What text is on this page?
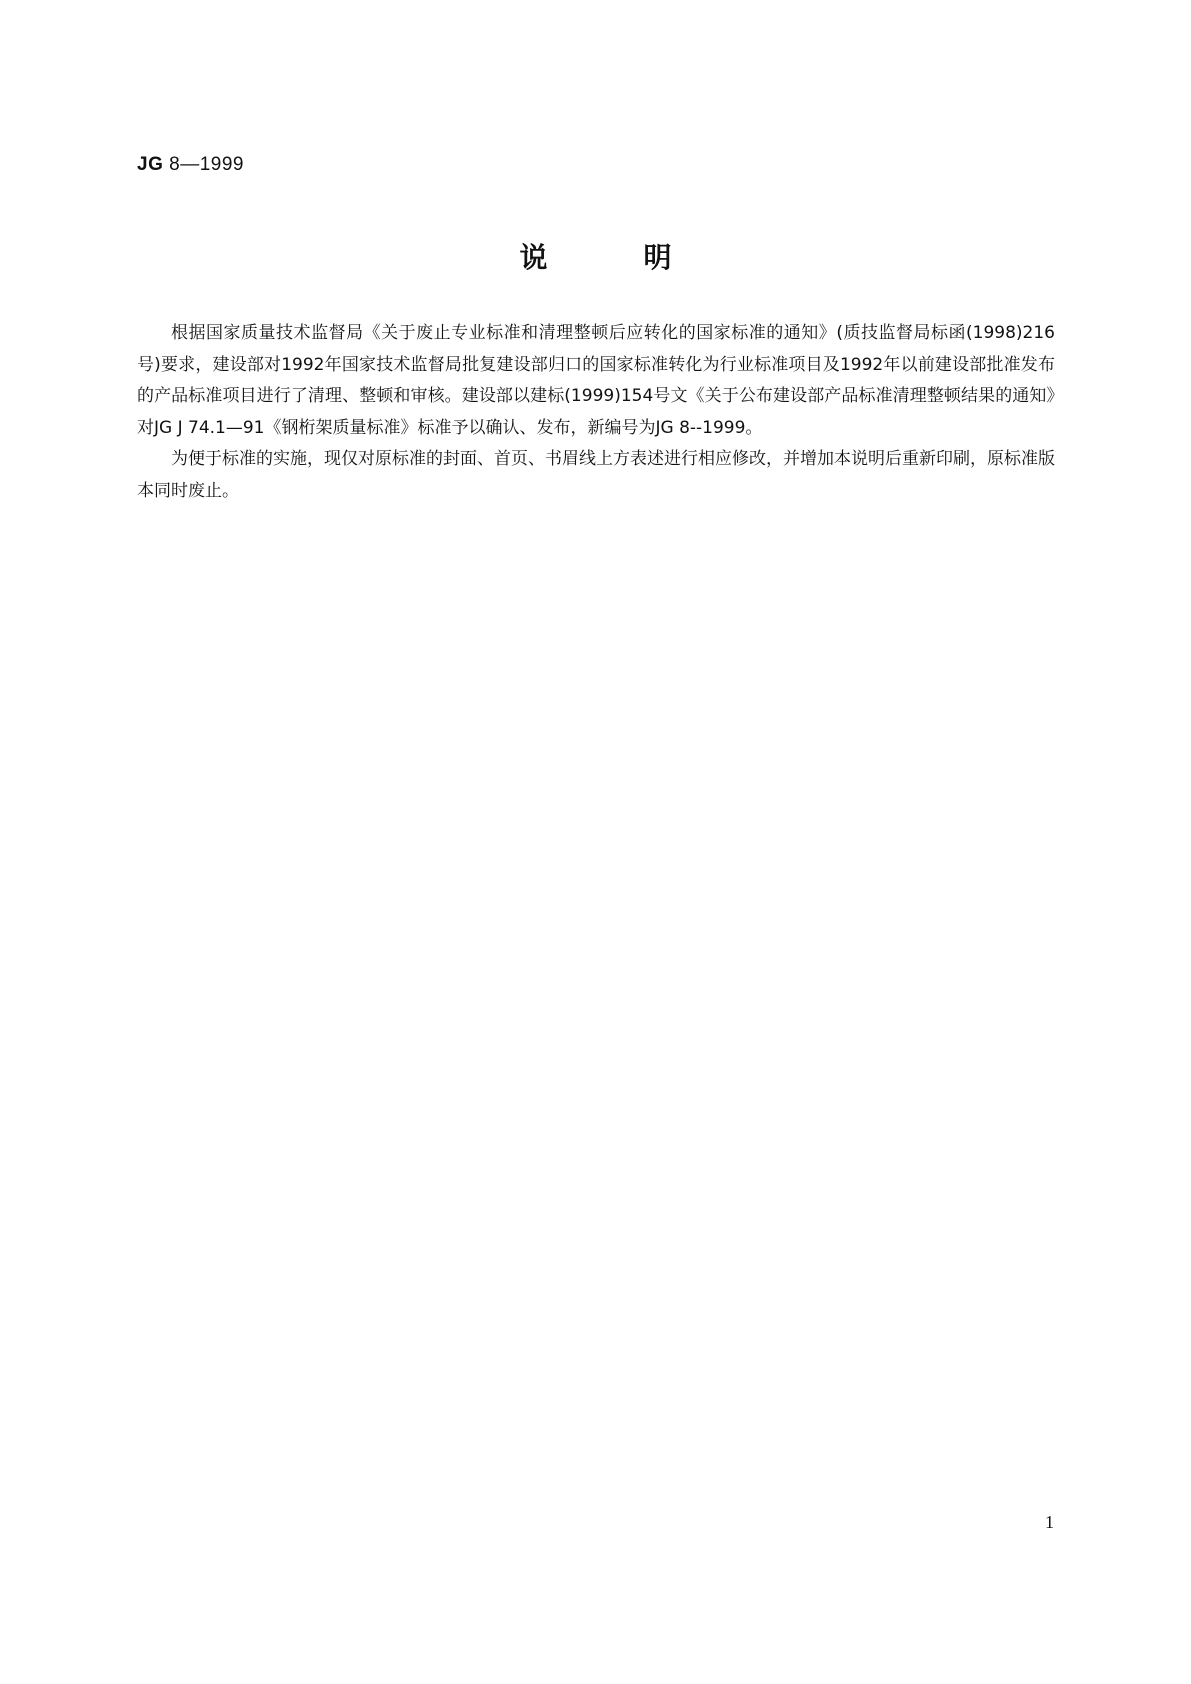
JG 8—1999
说明

根据国家质量技术监督局《关于废止专业标准和清理整顿后应转化的国家标准的通知》(质技监督局标函(1998)216号)要求，建设部对1992年国家技术监督局批复建设部归口的国家标准转化为行业标准项目及1992年以前建设部批准发布的产品标准项目进行了清理、整顿和审核。建设部以建标(1999)154号文《关于公布建设部产品标准清理整顿结果的通知》对JG J 74.1—91《钢桁架质量标准》标准予以确认、发布，新编号为JG 8--1999。

为便于标准的实施，现仅对原标准的封面、首页、书眉线上方表述进行相应修改，并增加本说明后重新印刷，原标准版本同时废止。

1
